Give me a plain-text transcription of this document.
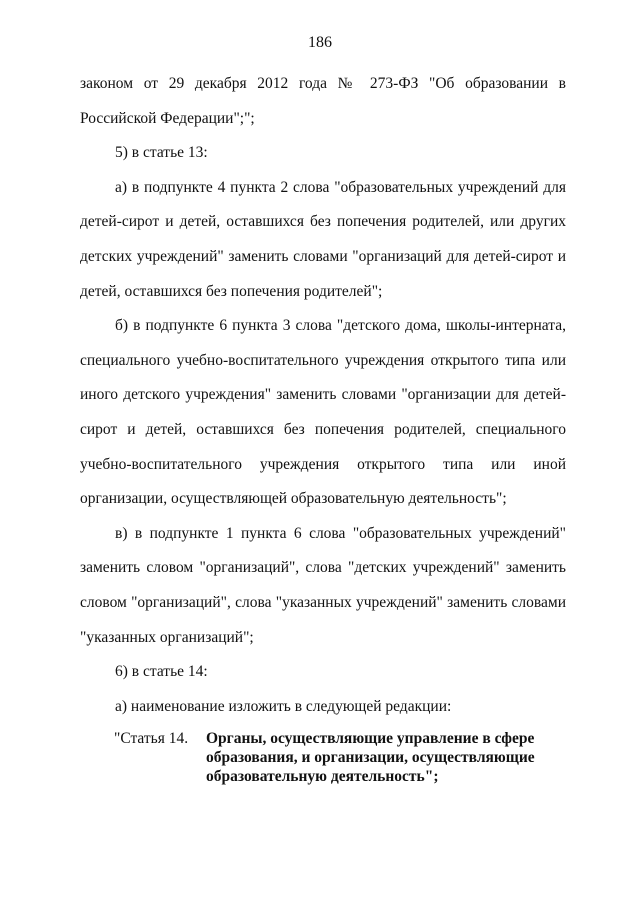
186

законом от 29 декабря 2012 года № 273-ФЗ "Об образовании в Российской Федерации";";

5) в статье 13:

а) в подпункте 4 пункта 2 слова "образовательных учреждений для детей-сирот и детей, оставшихся без попечения родителей, или других детских учреждений" заменить словами "организаций для детей-сирот и детей, оставшихся без попечения родителей";

б) в подпункте 6 пункта 3 слова "детского дома, школы-интерната, специального учебно-воспитательного учреждения открытого типа или иного детского учреждения" заменить словами "организации для детей-сирот и детей, оставшихся без попечения родителей, специального учебно-воспитательного учреждения открытого типа или иной организации, осуществляющей образовательную деятельность";

в) в подпункте 1 пункта 6 слова "образовательных учреждений" заменить словом "организаций", слова "детских учреждений" заменить словом "организаций", слова "указанных учреждений" заменить словами "указанных организаций";

6) в статье 14:

а) наименование изложить в следующей редакции:

"Статья 14. Органы, осуществляющие управление в сфере образования, и организации, осуществляющие образовательную деятельность";
